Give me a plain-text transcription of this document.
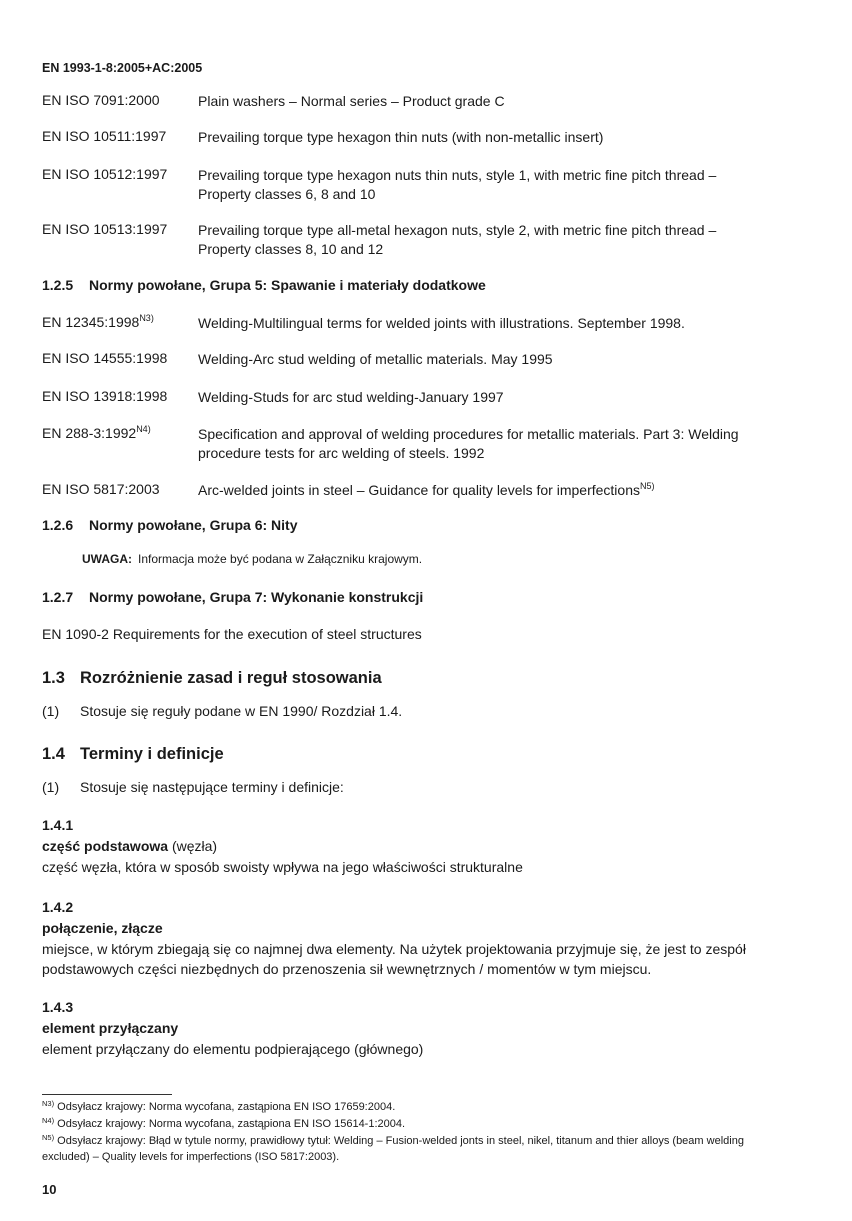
EN 1993-1-8:2005+AC:2005
EN ISO 7091:2000	Plain washers – Normal series – Product grade C
EN ISO 10511:1997 Prevailing torque type hexagon thin nuts (with non-metallic insert)
EN ISO 10512:1997 Prevailing torque type hexagon nuts thin nuts, style 1, with metric fine pitch thread – Property classes 6, 8 and 10
EN ISO 10513:1997 Prevailing torque type all-metal hexagon nuts, style 2, with metric fine pitch thread – Property classes 8, 10 and 12
1.2.5 Normy powołane, Grupa 5: Spawanie i materiały dodatkowe
EN $12345:1998^{N3)}$	Welding-Multilingual terms for welded joints with illustrations. September 1998.
EN ISO 14555:1998 Welding-Arc stud welding of metallic materials. May 1995
EN ISO 13918:1998 Welding-Studs for arc stud welding-January 1997
EN $288-3:1992^{N4)}$	Specification and approval of welding procedures for metallic materials. Part 3: Welding procedure tests for arc welding of steels. 1992
EN ISO 5817:2003	Arc-welded joints in steel – Guidance for quality levels for imperfections$^{N5)}$
1.2.6 Normy powołane, Grupa 6: Nity
UWAGA: Informacja może być podana w Załączniku krajowym.
1.2.7 Normy powołane, Grupa 7: Wykonanie konstrukcji
EN 1090-2 Requirements for the execution of steel structures
1.3 Rozróżnienie zasad i reguł stosowania
(1) Stosuje się reguły podane w EN 1990/ Rozdział 1.4.
1.4 Terminy i definicje
(1) Stosuje się następujące terminy i definicje:
1.4.1
część podstawowa (węzła)
część węzła, która w sposób swoisty wpływa na jego właściwości strukturalne
1.4.2
połączenie, złącze
miejsce, w którym zbiegają się co najmnej dwa elementy. Na użytek projektowania przyjmuje się, że jest to zespół podstawowych części niezbędnych do przenoszenia sił wewnętrznych / momentów w tym miejscu.
1.4.3
element przyłączany
element przyłączany do elementu podpierającego (głównego)
$^{N3)}$ Odsyłacz krajowy: Norma wycofana, zastąpiona EN ISO 17659:2004.
$^{N4)}$ Odsyłacz krajowy: Norma wycofana, zastąpiona EN ISO 15614-1:2004.
$^{N5)}$ Odsyłacz krajowy: Błąd w tytule normy, prawidłowy tytuł: Welding – Fusion-welded jonts in steel, nikel, titanum and thier alloys (beam welding excluded) – Quality levels for imperfections (ISO 5817:2003).
10
